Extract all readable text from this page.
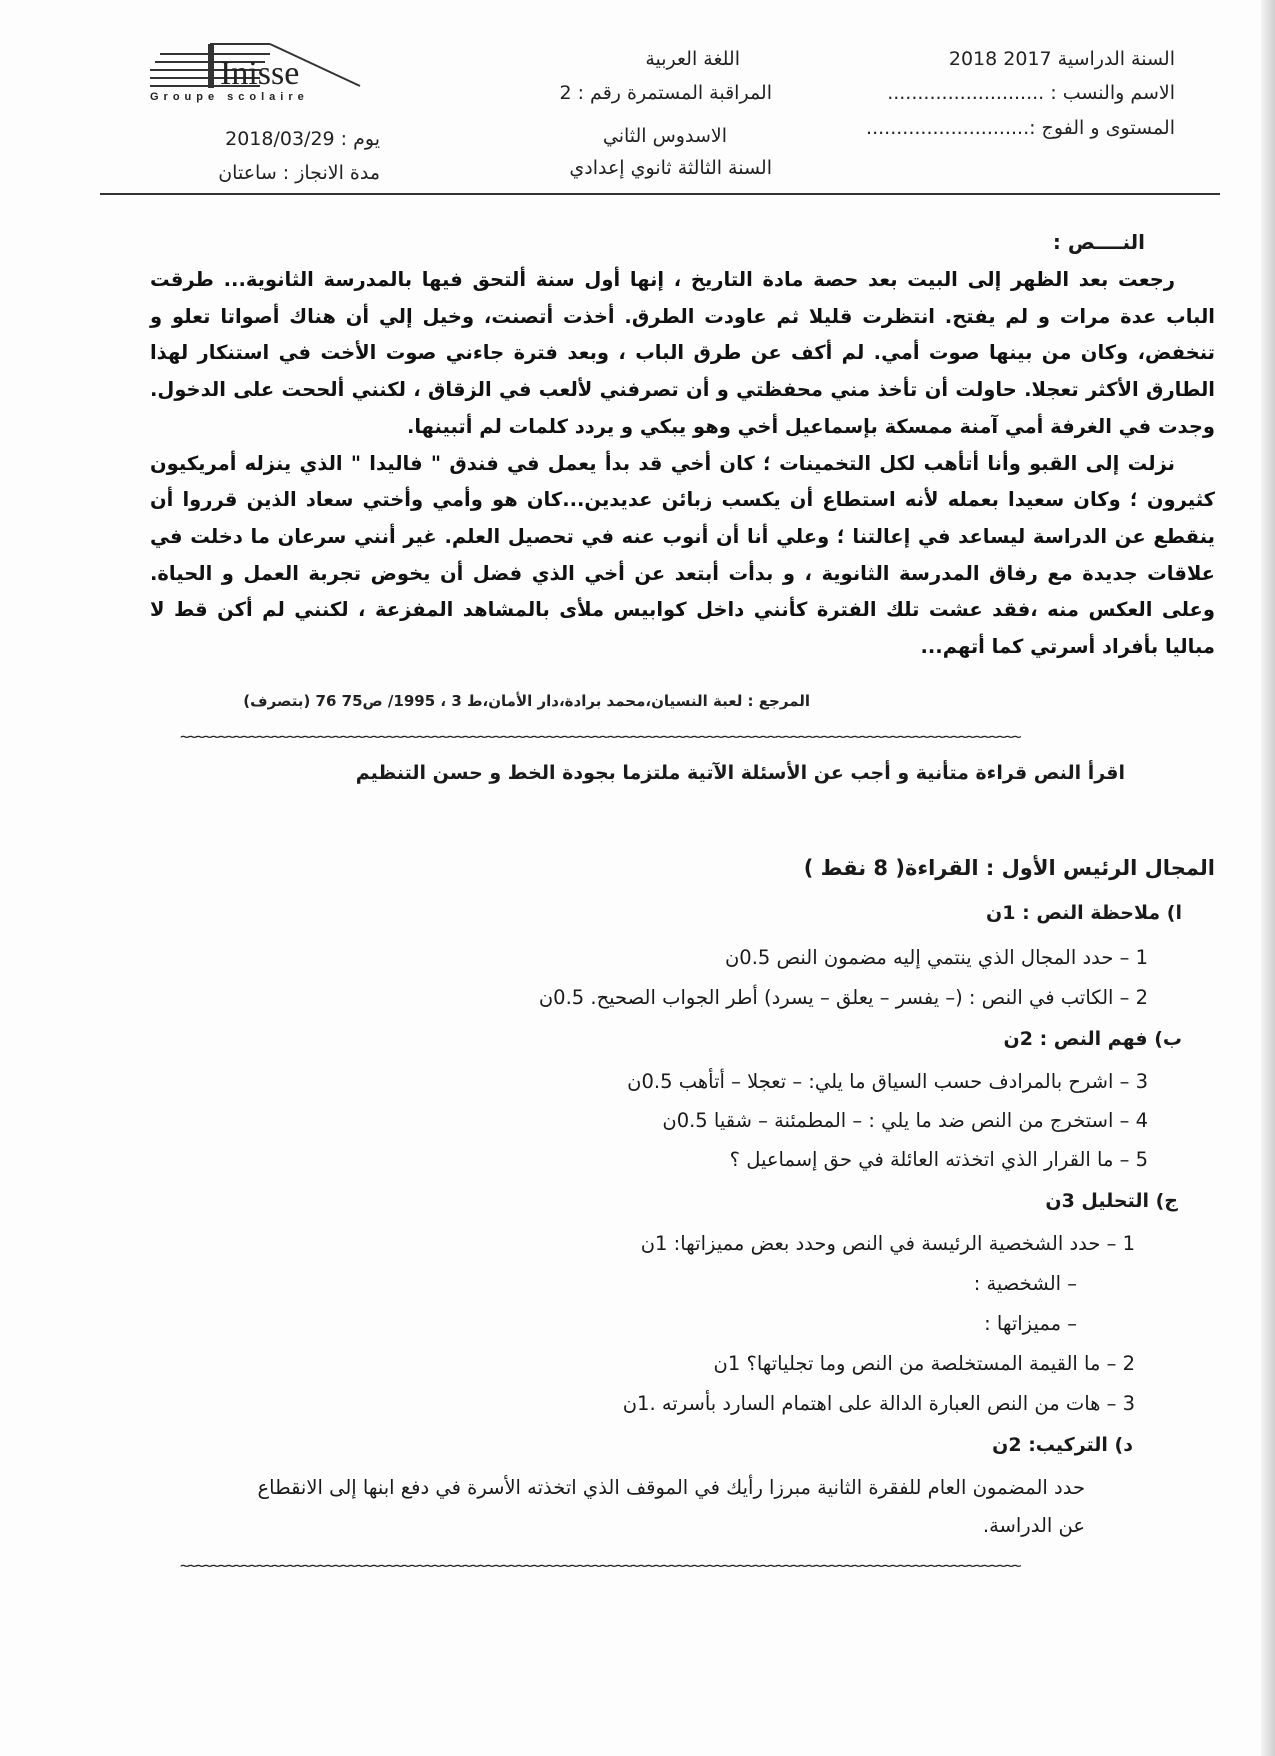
Inisse
Groupe scolaire
السنة الدراسية 2017 2018
الاسم والنسب : ..........................
المستوى و الفوج :...........................
اللغة العربية
المراقبة المستمرة رقم : 2
الاسدوس الثاني
السنة الثالثة ثانوي إعدادي
يوم : 2018/03/29
مدة الانجاز : ساعتان
النــــص :

رجعت بعد الظهر إلى البيت بعد حصة مادة التاريخ ، إنها أول سنة ألتحق فيها بالمدرسة الثانوية... طرقت الباب عدة مرات و لم يفتح. انتظرت قليلا ثم عاودت الطرق. أخذت أتصنت، وخيل إلي أن هناك أصواتا تعلو و تنخفض، وكان من بينها صوت أمي. لم أكف عن طرق الباب ، وبعد فترة جاءني صوت الأخت في استنكار لهذا الطارق الأكثر تعجلا. حاولت أن تأخذ مني محفظتي و أن تصرفني لألعب في الزقاق ، لكنني ألححت على الدخول. وجدت في الغرفة أمي آمنة ممسكة بإسماعيل أخي وهو يبكي و يردد كلمات لم أتبينها.

نزلت إلى القبو وأنا أتأهب لكل التخمينات ؛ كان أخي قد بدأ يعمل في فندق " فاليدا " الذي ينزله أمريكيون كثيرون ؛ وكان سعيدا بعمله لأنه استطاع أن يكسب زبائن عديدين...كان هو وأمي وأختي سعاد الذين قرروا أن ينقطع عن الدراسة ليساعد في إعالتنا ؛ وعلي أنا أن أنوب عنه في تحصيل العلم. غير أنني سرعان ما دخلت في علاقات جديدة مع رفاق المدرسة الثانوية ، و بدأت أبتعد عن أخي الذي فضل أن يخوض تجربة العمل و الحياة. وعلى العكس منه ،فقد عشت تلك الفترة كأنني داخل كوابيس ملأى بالمشاهد المفزعة ، لكنني لم أكن قط لا مباليا بأفراد أسرتي كما أتهم...

المرجع : لعبة النسيان،محمد برادة،دار الأمان،ط 3 ، 1995/ ص75 76 (بتصرف)
~~~~~~~~~~~~~~~~~~~~~~~~~~~~~~~~~~~~~~~~~~~~~~~~~~~~~~~~~~~~~~~~~~~~~~~~~~~~~~~~~~~~~~~~~~~~~~~~~~~~~~~~~~~~~~
اقرأ النص قراءة متأنية و أجب عن الأسئلة الآتية ملتزما بجودة الخط و حسن التنظيم
المجال الرئيس الأول : القراءة( 8 نقط )
ا) ملاحظة النص : 1ن
1 – حدد المجال الذي ينتمي إليه مضمون النص 0.5ن
2 – الكاتب في النص : (– يفسر – يعلق – يسرد) أطر الجواب الصحيح. 0.5ن
ب) فهم النص : 2ن
3 – اشرح بالمرادف حسب السياق ما يلي: – تعجلا – أتأهب 0.5ن
4 – استخرج من النص ضد ما يلي : – المطمئنة – شقيا 0.5ن
5 – ما القرار الذي اتخذته العائلة في حق إسماعيل ؟
ج) التحليل 3ن
1 – حدد الشخصية الرئيسة في النص وحدد بعض مميزاتها: 1ن
– الشخصية :
– مميزاتها :
2 – ما القيمة المستخلصة من النص وما تجلياتها؟ 1ن
3 – هات من النص العبارة الدالة على اهتمام السارد بأسرته .1ن
د) التركيب: 2ن
حدد المضمون العام للفقرة الثانية مبرزا رأيك في الموقف الذي اتخذته الأسرة في دفع ابنها إلى الانقطاع
عن الدراسة.
~~~~~~~~~~~~~~~~~~~~~~~~~~~~~~~~~~~~~~~~~~~~~~~~~~~~~~~~~~~~~~~~~~~~~~~~~~~~~~~~~~~~~~~~~~~~~~~~~~~~~~~~~~~~~~
